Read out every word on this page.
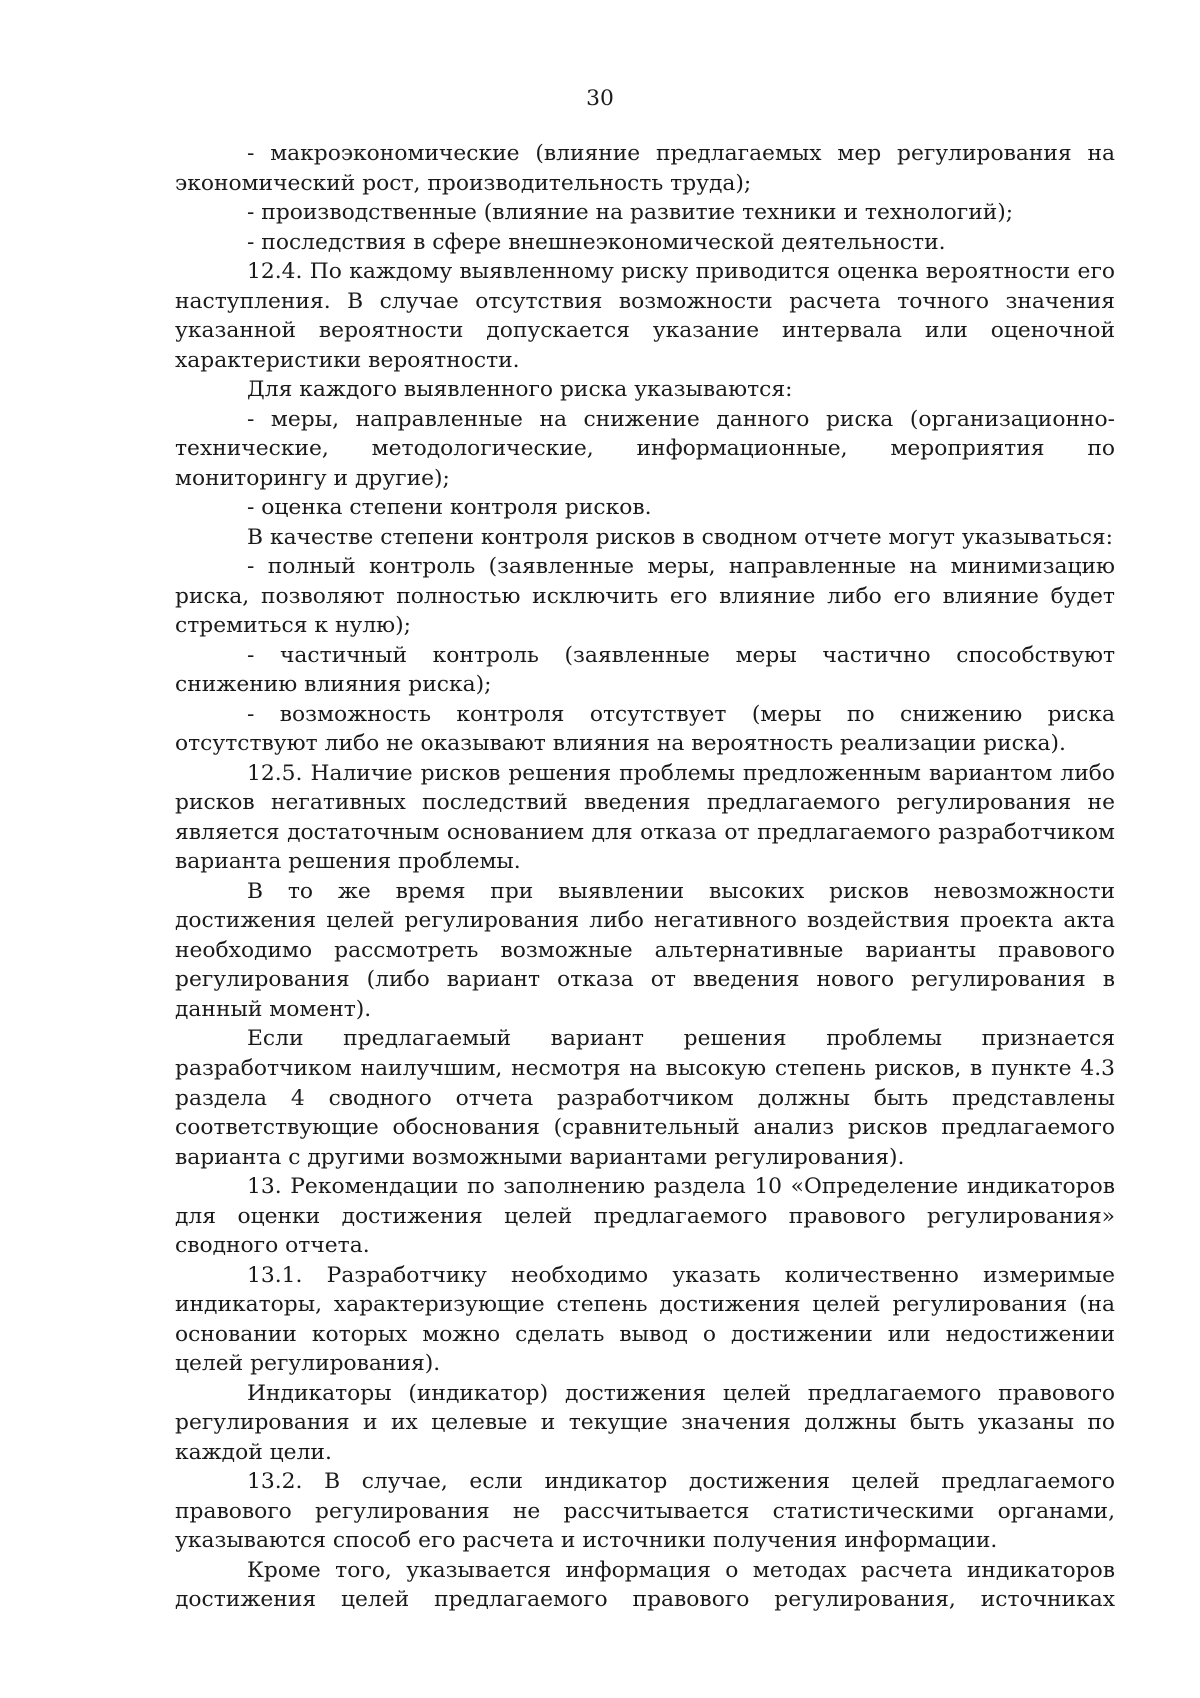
30

- макроэкономические (влияние предлагаемых мер регулирования на экономический рост, производительность труда);

- производственные (влияние на развитие техники и технологий);

- последствия в сфере внешнеэкономической деятельности.

12.4. По каждому выявленному риску приводится оценка вероятности его наступления. В случае отсутствия возможности расчета точного значения указанной вероятности допускается указание интервала или оценочной характеристики вероятности.

Для каждого выявленного риска указываются:

- меры, направленные на снижение данного риска (организационно-технические, методологические, информационные, мероприятия по мониторингу и другие);

- оценка степени контроля рисков.

В качестве степени контроля рисков в сводном отчете могут указываться:

- полный контроль (заявленные меры, направленные на минимизацию риска, позволяют полностью исключить его влияние либо его влияние будет стремиться к нулю);

- частичный контроль (заявленные меры частично способствуют снижению влияния риска);

- возможность контроля отсутствует (меры по снижению риска отсутствуют либо не оказывают влияния на вероятность реализации риска).

12.5. Наличие рисков решения проблемы предложенным вариантом либо рисков негативных последствий введения предлагаемого регулирования не является достаточным основанием для отказа от предлагаемого разработчиком варианта решения проблемы.

В то же время при выявлении высоких рисков невозможности достижения целей регулирования либо негативного воздействия проекта акта необходимо рассмотреть возможные альтернативные варианты правового регулирования (либо вариант отказа от введения нового регулирования в данный момент).

Если предлагаемый вариант решения проблемы признается разработчиком наилучшим, несмотря на высокую степень рисков, в пункте 4.3 раздела 4 сводного отчета разработчиком должны быть представлены соответствующие обоснования (сравнительный анализ рисков предлагаемого варианта с другими возможными вариантами регулирования).

13. Рекомендации по заполнению раздела 10 «Определение индикаторов для оценки достижения целей предлагаемого правового регулирования» сводного отчета.

13.1. Разработчику необходимо указать количественно измеримые индикаторы, характеризующие степень достижения целей регулирования (на основании которых можно сделать вывод о достижении или недостижении целей регулирования).

Индикаторы (индикатор) достижения целей предлагаемого правового регулирования и их целевые и текущие значения должны быть указаны по каждой цели.

13.2. В случае, если индикатор достижения целей предлагаемого правового регулирования не рассчитывается статистическими органами, указываются способ его расчета и источники получения информации.

Кроме того, указывается информация о методах расчета индикаторов достижения целей предлагаемого правового регулирования, источниках
